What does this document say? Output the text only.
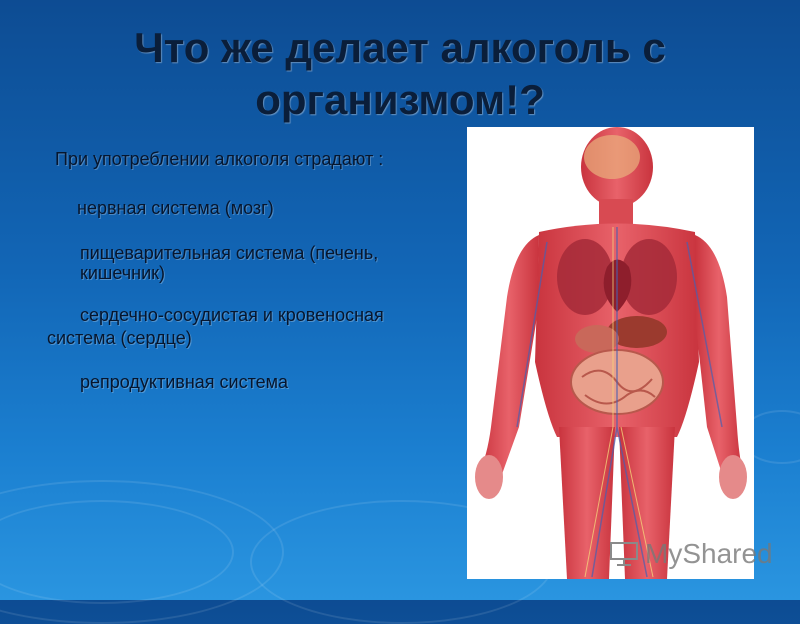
Что же делает алкоголь с организмом!?
При употреблении алкоголя страдают :
нервная система (мозг)
пищеварительная система (печень,
кишечник)
сердечно-сосудистая и кровеносная
система (сердце)
репродуктивная система
MyShared
